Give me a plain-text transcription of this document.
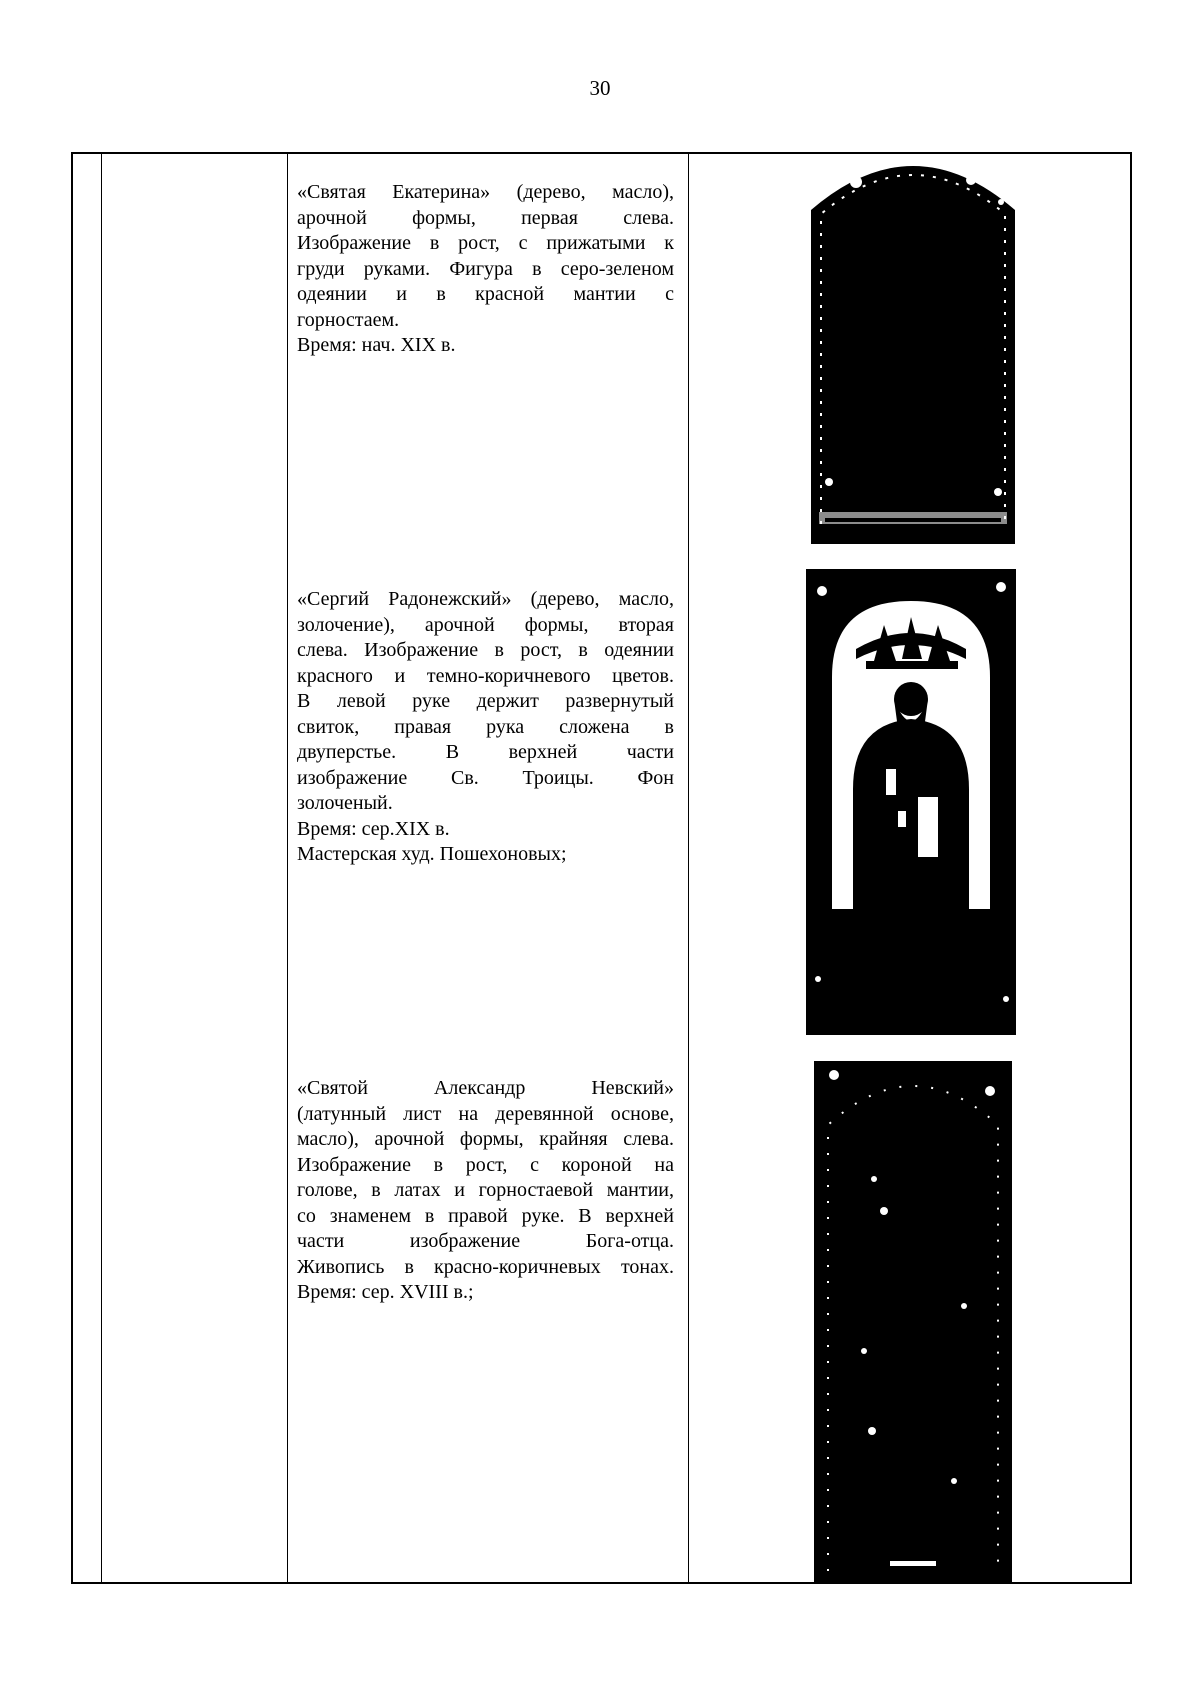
30

«Святая Екатерина» (дерево, масло),

арочной формы, первая слева.

Изображение в рост, с прижатыми к

груди руками. Фигура в серо-зеленом

одеянии и в красной мантии с

горностаем.

Время: нач. XIX в.

«Сергий Радонежский» (дерево, масло,

золочение), арочной формы, вторая

слева. Изображение в рост, в одеянии

красного и темно-коричневого цветов.

В левой руке держит развернутый

свиток, правая рука сложена в

двуперстье. В верхней части

изображение Св. Троицы. Фон

золоченый.

Время: сер.XIX в.

Мастерская худ. Пошехоновых;

«Святой Александр Невский»

(латунный лист на деревянной основе,

масло), арочной формы, крайняя слева.

Изображение в рост, с короной на

голове, в латах и горностаевой мантии,

со знаменем в правой руке. В верхней

части изображение Бога-отца.

Живопись в красно-коричневых тонах.

Время: сер. XVIII в.;
